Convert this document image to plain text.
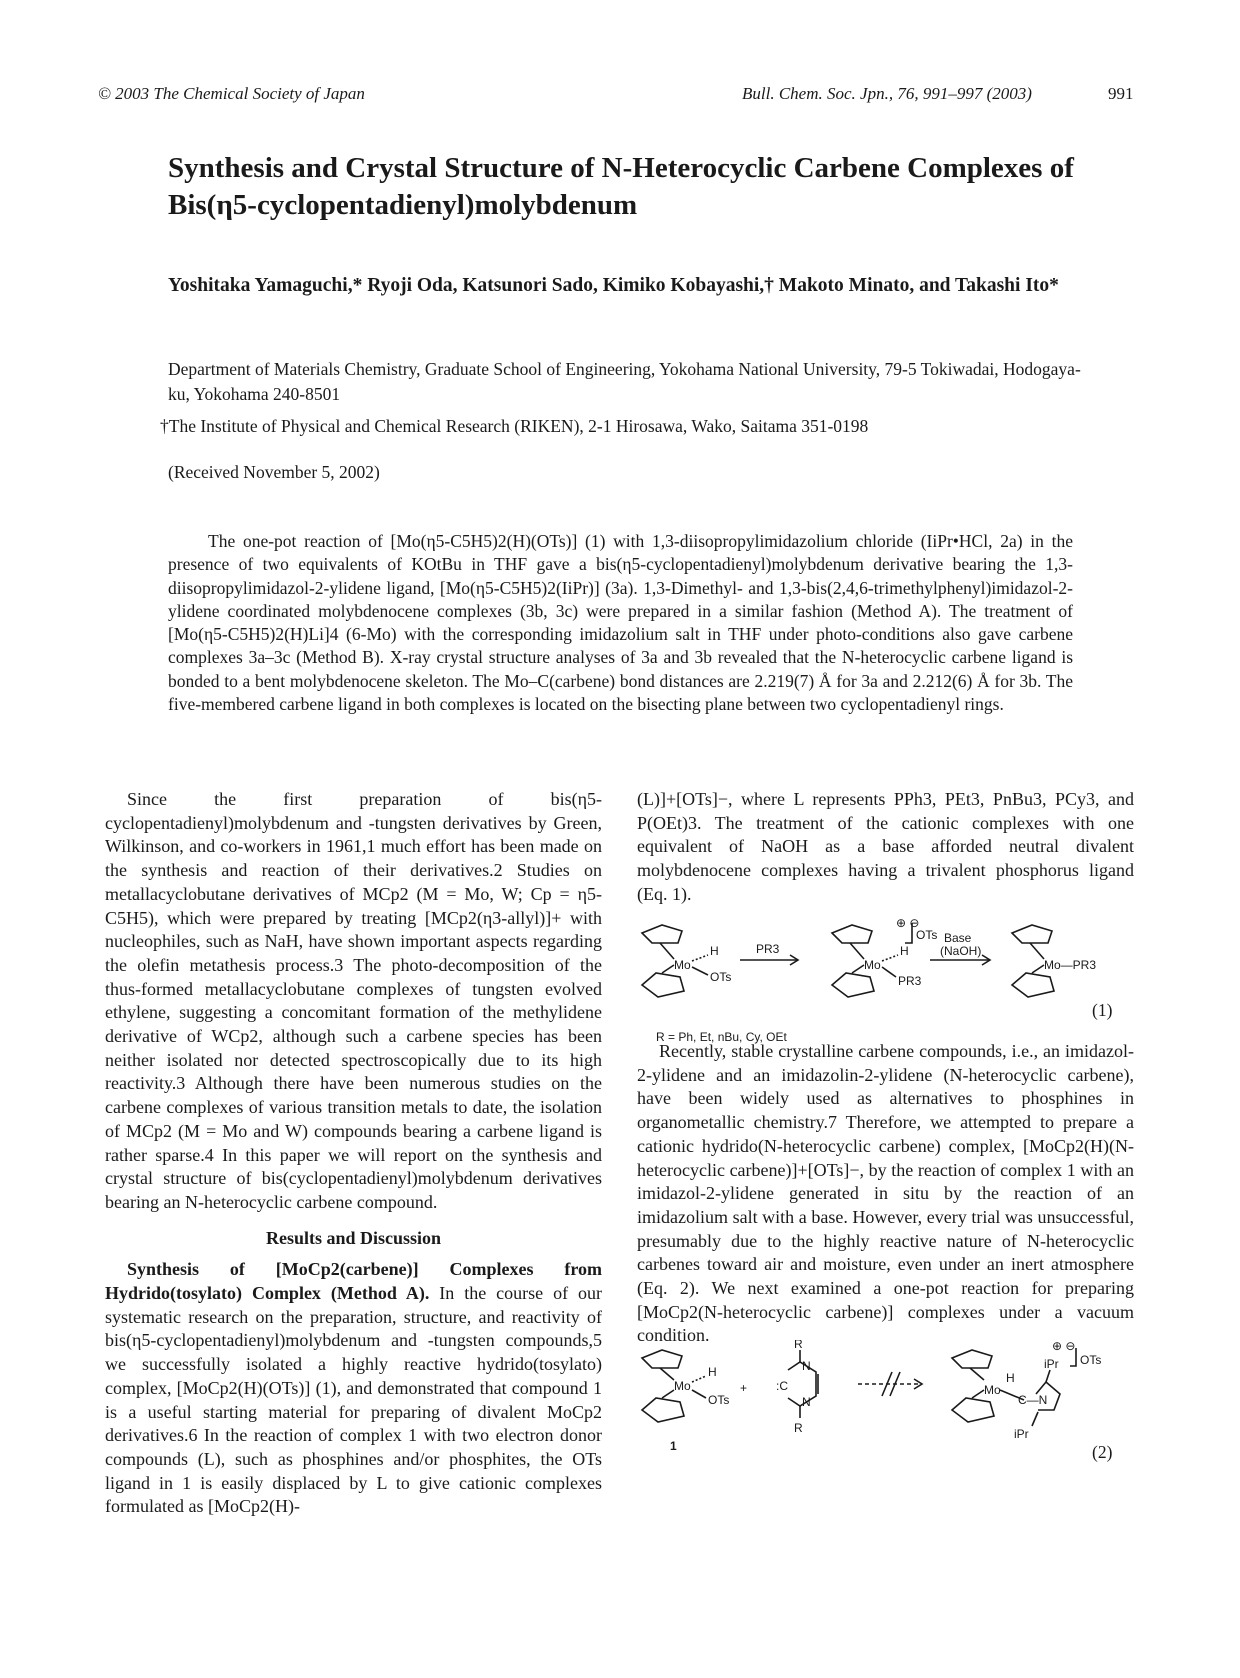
© 2003 The Chemical Society of Japan	Bull. Chem. Soc. Jpn., 76, 991–997 (2003)	991
Synthesis and Crystal Structure of N-Heterocyclic Carbene Complexes of Bis(η5-cyclopentadienyl)molybdenum
Yoshitaka Yamaguchi,* Ryoji Oda, Katsunori Sado, Kimiko Kobayashi,† Makoto Minato, and Takashi Ito*
Department of Materials Chemistry, Graduate School of Engineering, Yokohama National University, 79-5 Tokiwadai, Hodogaya-ku, Yokohama 240-8501
†The Institute of Physical and Chemical Research (RIKEN), 2-1 Hirosawa, Wako, Saitama 351-0198
(Received November 5, 2002)
The one-pot reaction of [Mo(η5-C5H5)2(H)(OTs)] (1) with 1,3-diisopropylimidazolium chloride (IiPr•HCl, 2a) in the presence of two equivalents of KOtBu in THF gave a bis(η5-cyclopentadienyl)molybdenum derivative bearing the 1,3-diisopropylimidazol-2-ylidene ligand, [Mo(η5-C5H5)2(IiPr)] (3a). 1,3-Dimethyl- and 1,3-bis(2,4,6-trimethylphenyl)imidazol-2-ylidene coordinated molybdenocene complexes (3b, 3c) were prepared in a similar fashion (Method A). The treatment of [Mo(η5-C5H5)2(H)Li]4 (6-Mo) with the corresponding imidazolium salt in THF under photo-conditions also gave carbene complexes 3a–3c (Method B). X-ray crystal structure analyses of 3a and 3b revealed that the N-heterocyclic carbene ligand is bonded to a bent molybdenocene skeleton. The Mo–C(carbene) bond distances are 2.219(7) Å for 3a and 2.212(6) Å for 3b. The five-membered carbene ligand in both complexes is located on the bisecting plane between two cyclopentadienyl rings.

Since the first preparation of bis(η5-cyclopentadienyl)molybdenum and -tungsten derivatives by Green, Wilkinson, and co-workers in 1961,1 much effort has been made on the synthesis and reaction of their derivatives.2 Studies on metallacyclobutane derivatives of MCp2 (M = Mo, W; Cp = η5-C5H5), which were prepared by treating [MCp2(η3-allyl)]+ with nucleophiles, such as NaH, have shown important aspects regarding the olefin metathesis process.3 The photo-decomposition of the thus-formed metallacyclobutane complexes of tungsten evolved ethylene, suggesting a concomitant formation of the methylidene derivative of WCp2, although such a carbene species has been neither isolated nor detected spectroscopically due to its high reactivity.3 Although there have been numerous studies on the carbene complexes of various transition metals to date, the isolation of MCp2 (M = Mo and W) compounds bearing a carbene ligand is rather sparse.4 In this paper we will report on the synthesis and crystal structure of bis(cyclopentadienyl)molybdenum derivatives bearing an N-heterocyclic carbene compound.

Results and Discussion

Synthesis of [MoCp2(carbene)] Complexes from Hydrido(tosylato) Complex (Method A). In the course of our systematic research on the preparation, structure, and reactivity of bis(η5-cyclopentadienyl)molybdenum and -tungsten compounds,5 we successfully isolated a highly reactive hydrido(tosylato) complex, [MoCp2(H)(OTs)] (1), and demonstrated that compound 1 is a useful starting material for preparing of divalent MoCp2 derivatives.6 In the reaction of complex 1 with two electron donor compounds (L), such as phosphines and/or phosphites, the OTs ligand in 1 is easily displaced by L to give cationic complexes formulated as [MoCp2(H)-

(L)]+[OTs]−, where L represents PPh3, PEt3, PnBu3, PCy3, and P(OEt)3. The treatment of the cationic complexes with one equivalent of NaOH as a base afforded neutral divalent molybdenocene complexes having a trivalent phosphorus ligand (Eq. 1).

Mo
H
OTs
PR3
Mo
H
PR3
⊕ ⊖
OTs Base
(NaOH)
Mo—PR3
R = Ph, Et, nBu, Cy, OEt
(1)

Recently, stable crystalline carbene compounds, i.e., an imidazol-2-ylidene and an imidazolin-2-ylidene (N-heterocyclic carbene), have been widely used as alternatives to phosphines in organometallic chemistry.7 Therefore, we attempted to prepare a cationic hydrido(N-heterocyclic carbene) complex, [MoCp2(H)(N-heterocyclic carbene)]+[OTs]−, by the reaction of complex 1 with an imidazol-2-ylidene generated in situ by the reaction of an imidazolium salt with a base. However, every trial was unsuccessful, presumably due to the highly reactive nature of N-heterocyclic carbenes toward air and moisture, even under an inert atmosphere (Eq. 2). We next examined a one-pot reaction for preparing [MoCp2(N-heterocyclic carbene)] complexes under a vacuum condition.

Mo
H
OTs
1
+ :C
N
N
R
R
Mo
H
C—N
iPr
iPr
⊕ ⊖
OTs
(2)
